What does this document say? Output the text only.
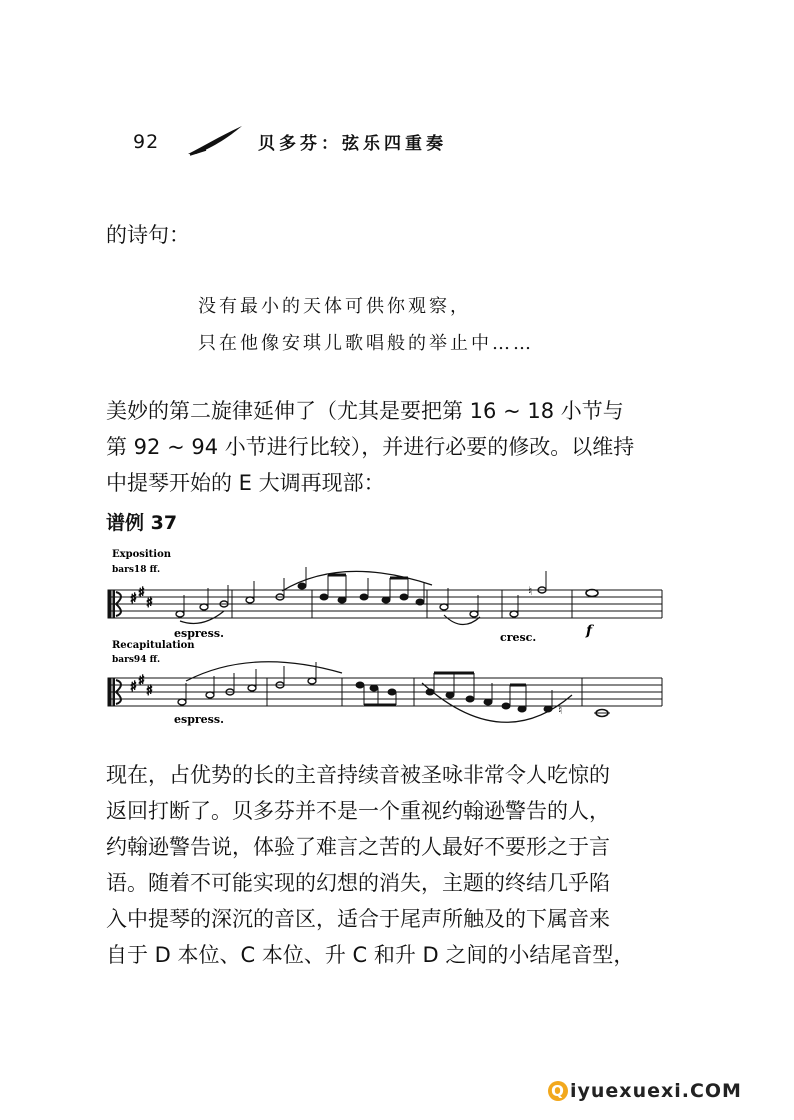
92	贝多芬：弦乐四重奏
的诗句：
没有最小的天体可供你观察，
只在他像安琪儿歌唱般的举止中……
美妙的第二旋律延伸了（尤其是要把第 16 ~ 18 小节与
第 92 ~ 94 小节进行比较），并进行必要的修改。以维持
中提琴开始的 E 大调再现部：
谱例 37
Exposition
bars18 ff.
♯ ♯
♯
♮
espress.	cresc.	f
Recapitulation
bars94 ff.
♯ ♯
♯
♮
espress.
现在，占优势的长的主音持续音被圣咏非常令人吃惊的
返回打断了。贝多芬并不是一个重视约翰逊警告的人，
约翰逊警告说，体验了难言之苦的人最好不要形之于言
语。随着不可能实现的幻想的消失，主题的终结几乎陷
入中提琴的深沉的音区，适合于尾声所触及的下属音来
自于 D 本位、C 本位、升 C 和升 D 之间的小结尾音型，
Q iyuexuexi.COM
